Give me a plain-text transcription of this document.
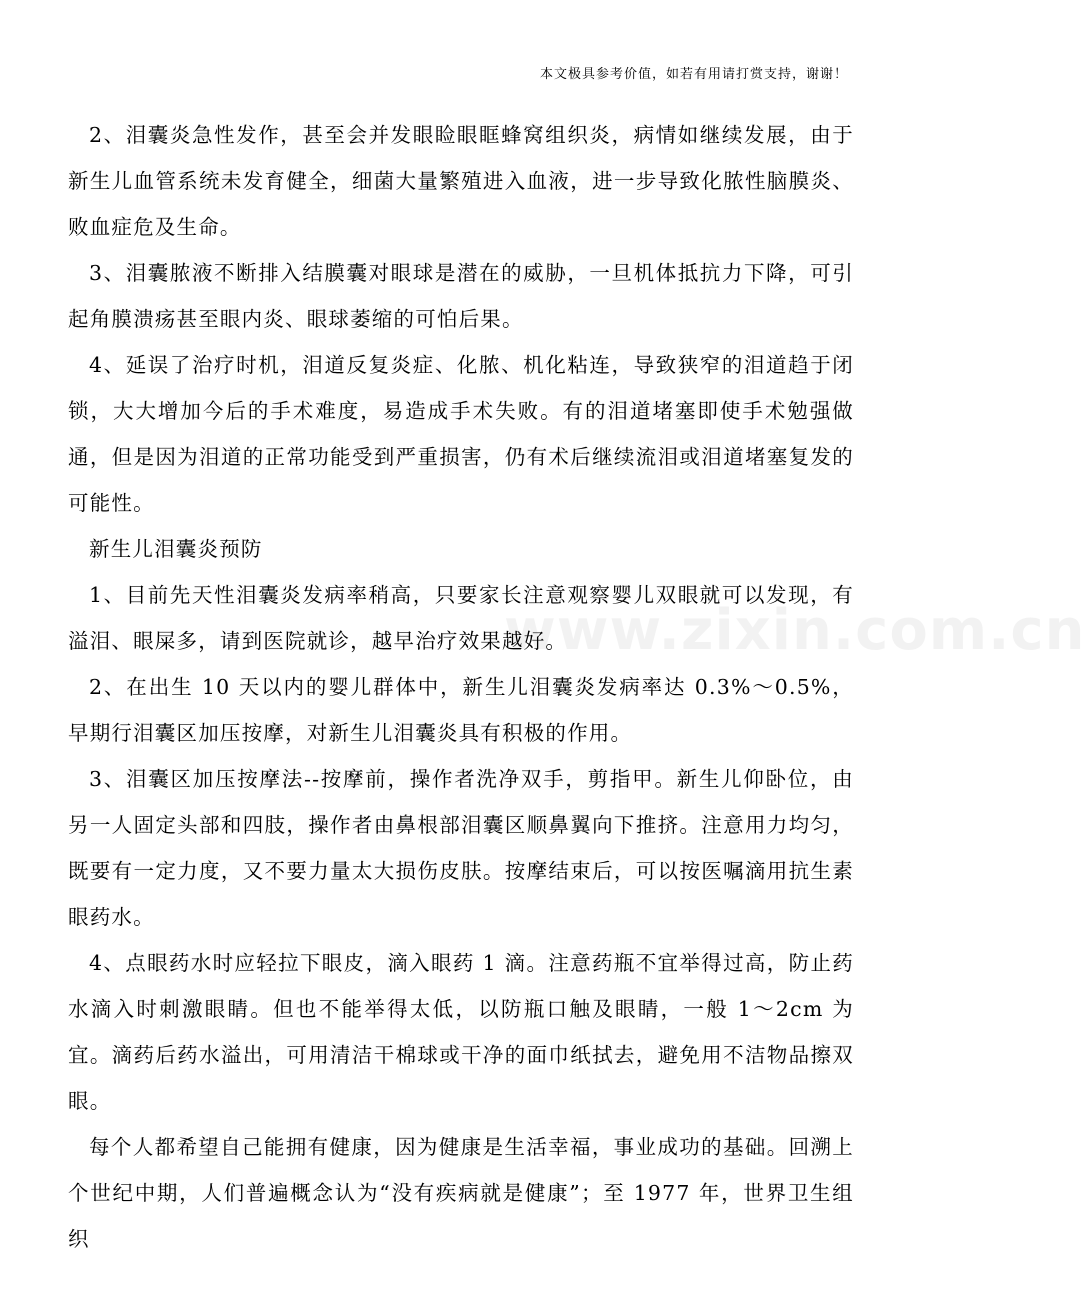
本文极具参考价值，如若有用请打赏支持，谢谢！
www.zixin.com.cn

2、泪囊炎急性发作，甚至会并发眼睑眼眶蜂窝组织炎，病情如继续发展，由于新生儿血管系统未发育健全，细菌大量繁殖进入血液，进一步导致化脓性脑膜炎、败血症危及生命。

3、泪囊脓液不断排入结膜囊对眼球是潜在的威胁，一旦机体抵抗力下降，可引起角膜溃疡甚至眼内炎、眼球萎缩的可怕后果。

4、延误了治疗时机，泪道反复炎症、化脓、机化粘连，导致狭窄的泪道趋于闭锁，大大增加今后的手术难度，易造成手术失败。有的泪道堵塞即使手术勉强做通，但是因为泪道的正常功能受到严重损害，仍有术后继续流泪或泪道堵塞复发的可能性。

新生儿泪囊炎预防

1、目前先天性泪囊炎发病率稍高，只要家长注意观察婴儿双眼就可以发现，有溢泪、眼屎多，请到医院就诊，越早治疗效果越好。

2、在出生 10 天以内的婴儿群体中，新生儿泪囊炎发病率达 0.3%～0.5%，早期行泪囊区加压按摩，对新生儿泪囊炎具有积极的作用。

3、泪囊区加压按摩法--按摩前，操作者洗净双手，剪指甲。新生儿仰卧位，由另一人固定头部和四肢，操作者由鼻根部泪囊区顺鼻翼向下推挤。注意用力均匀，既要有一定力度，又不要力量太大损伤皮肤。按摩结束后，可以按医嘱滴用抗生素眼药水。

4、点眼药水时应轻拉下眼皮，滴入眼药 1 滴。注意药瓶不宜举得过高，防止药水滴入时刺激眼睛。但也不能举得太低，以防瓶口触及眼睛，一般 1～2cm 为宜。滴药后药水溢出，可用清洁干棉球或干净的面巾纸拭去，避免用不洁物品擦双眼。

每个人都希望自己能拥有健康，因为健康是生活幸福，事业成功的基础。回溯上个世纪中期，人们普遍概念认为“没有疾病就是健康”；至 1977 年，世界卫生组织
